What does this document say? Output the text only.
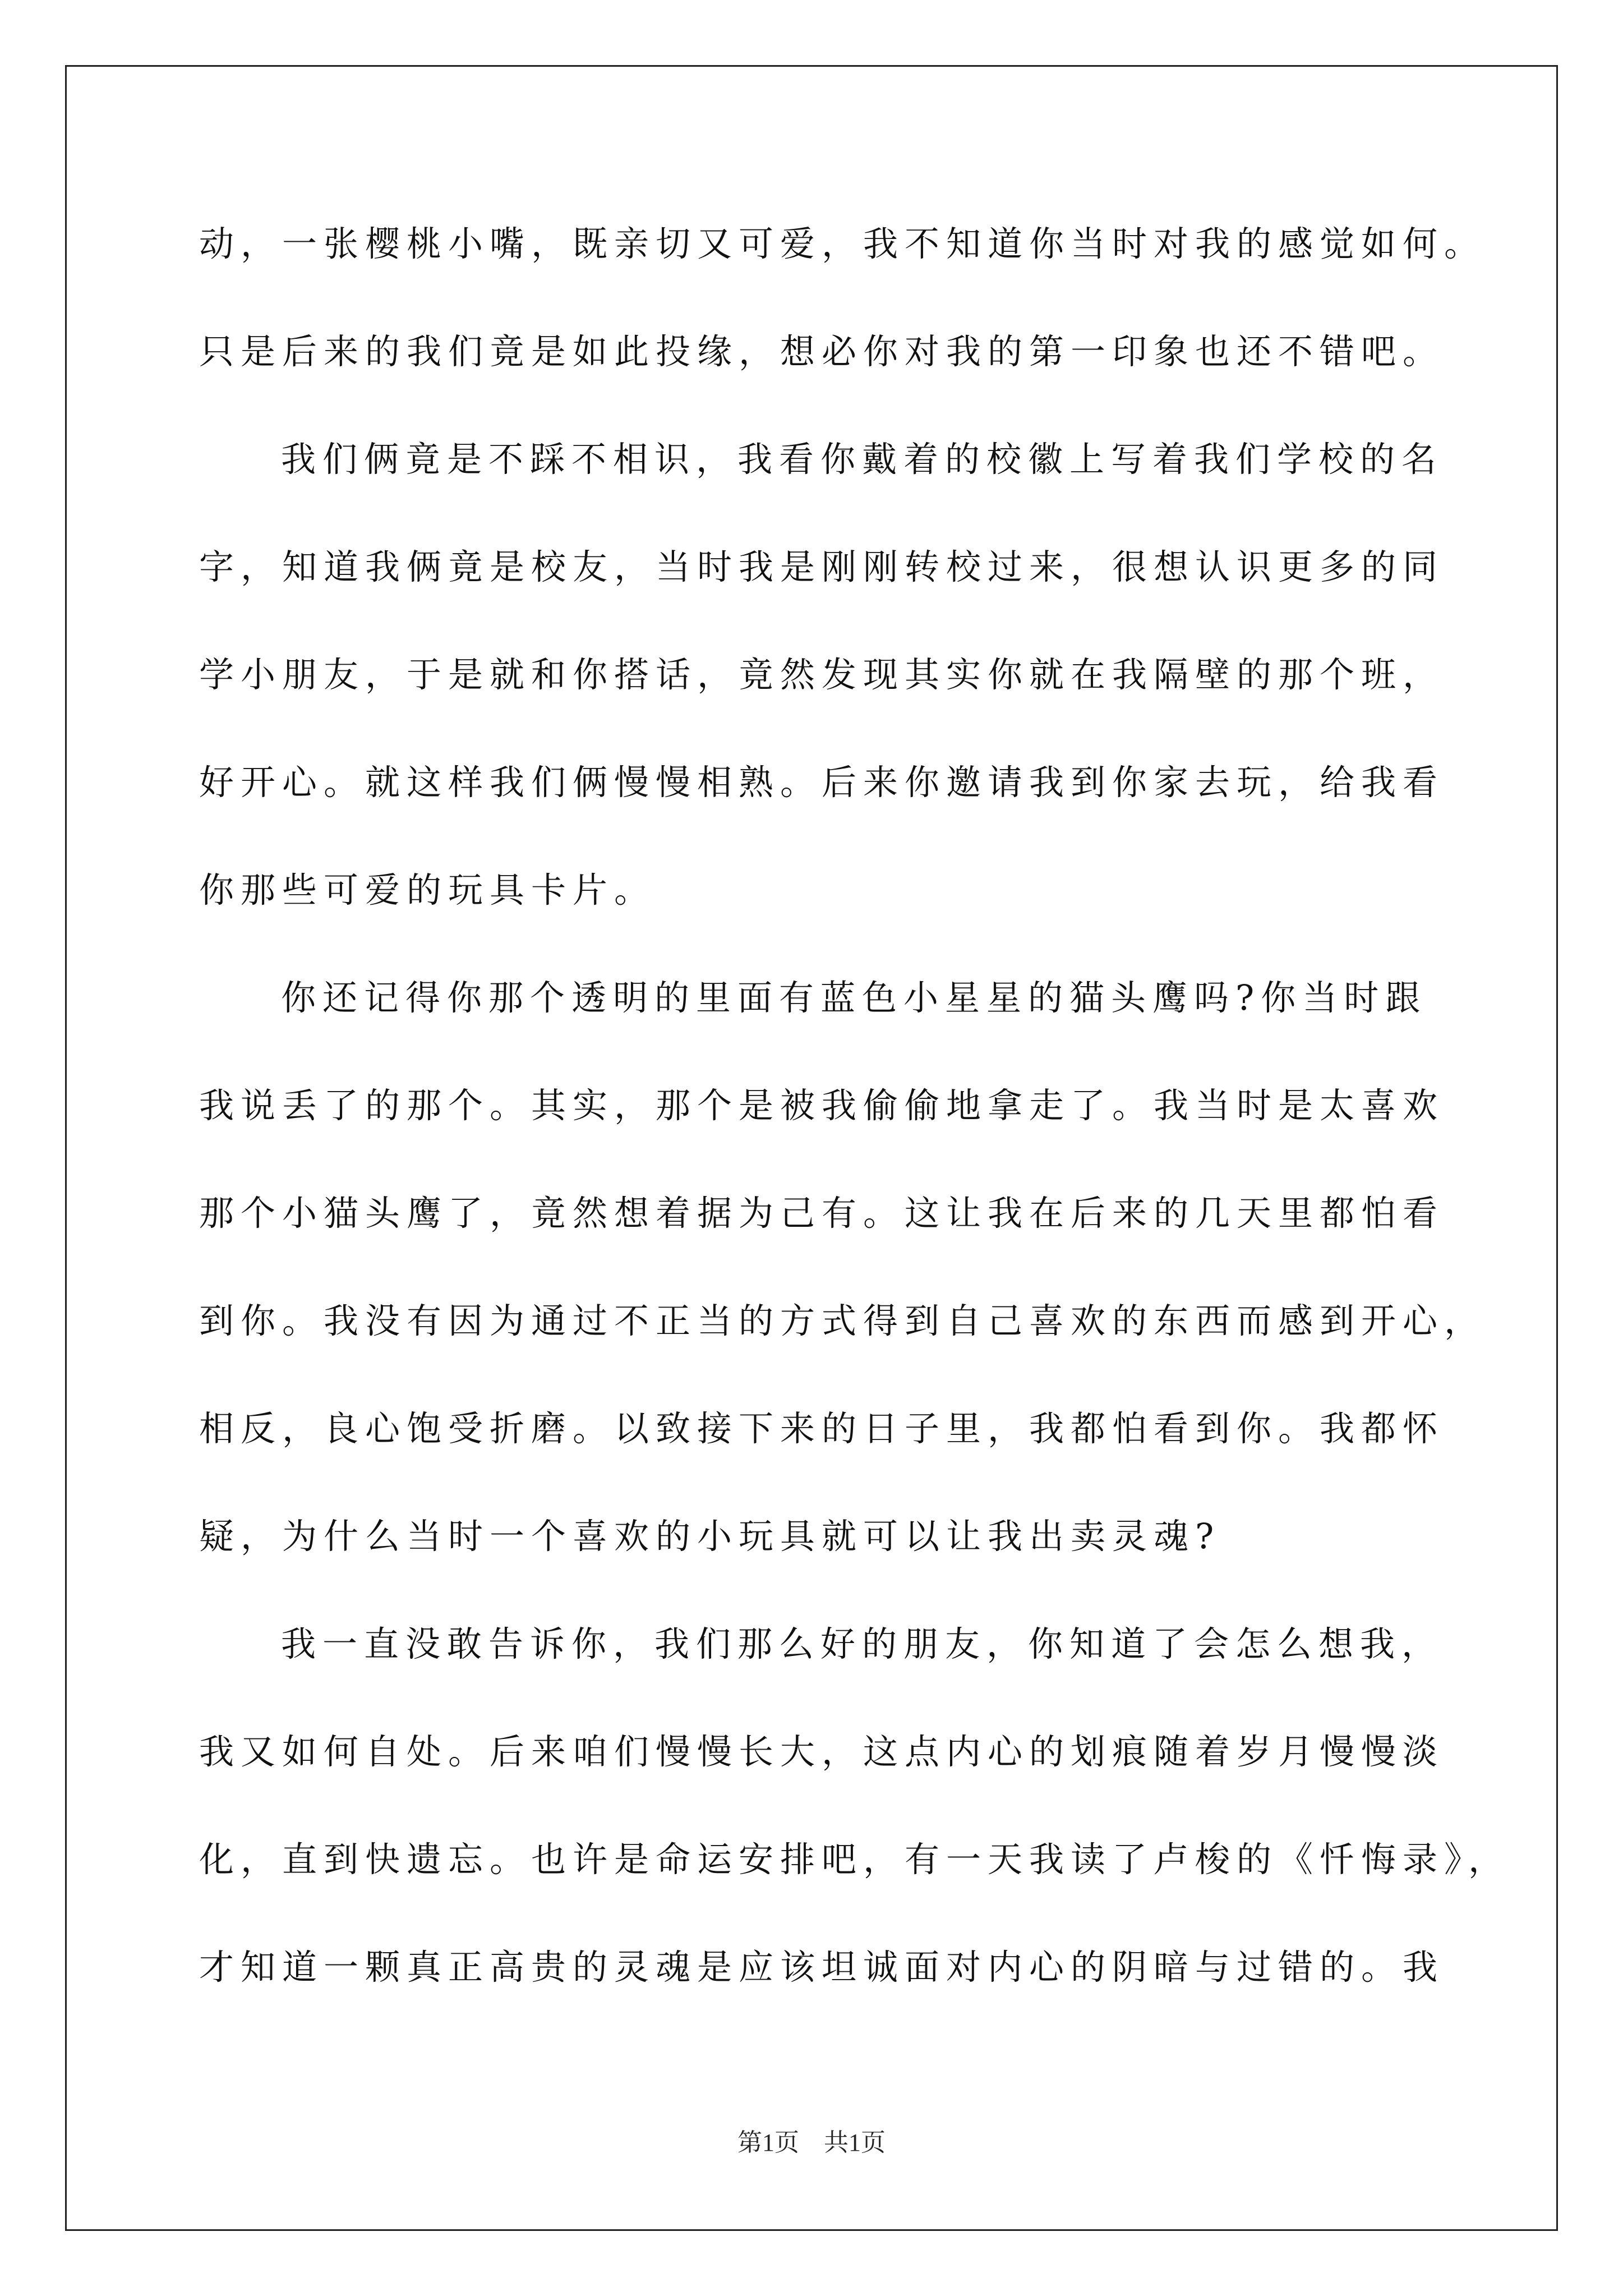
动，一张樱桃小嘴，既亲切又可爱，我不知道你当时对我的感觉如何。
只是后来的我们竟是如此投缘，想必你对我的第一印象也还不错吧。
我们俩竟是不踩不相识，我看你戴着的校徽上写着我们学校的名
字，知道我俩竟是校友，当时我是刚刚转校过来，很想认识更多的同
学小朋友，于是就和你搭话，竟然发现其实你就在我隔壁的那个班，
好开心。就这样我们俩慢慢相熟。后来你邀请我到你家去玩，给我看
你那些可爱的玩具卡片。
你还记得你那个透明的里面有蓝色小星星的猫头鹰吗?你当时跟
我说丢了的那个。其实，那个是被我偷偷地拿走了。我当时是太喜欢
那个小猫头鹰了，竟然想着据为己有。这让我在后来的几天里都怕看
到你。我没有因为通过不正当的方式得到自己喜欢的东西而感到开心，
相反，良心饱受折磨。以致接下来的日子里，我都怕看到你。我都怀
疑，为什么当时一个喜欢的小玩具就可以让我出卖灵魂?
我一直没敢告诉你，我们那么好的朋友，你知道了会怎么想我，
我又如何自处。后来咱们慢慢长大，这点内心的划痕随着岁月慢慢淡
化，直到快遗忘。也许是命运安排吧，有一天我读了卢梭的《忏悔录》，
才知道一颗真正高贵的灵魂是应该坦诚面对内心的阴暗与过错的。我
第1页　共1页
